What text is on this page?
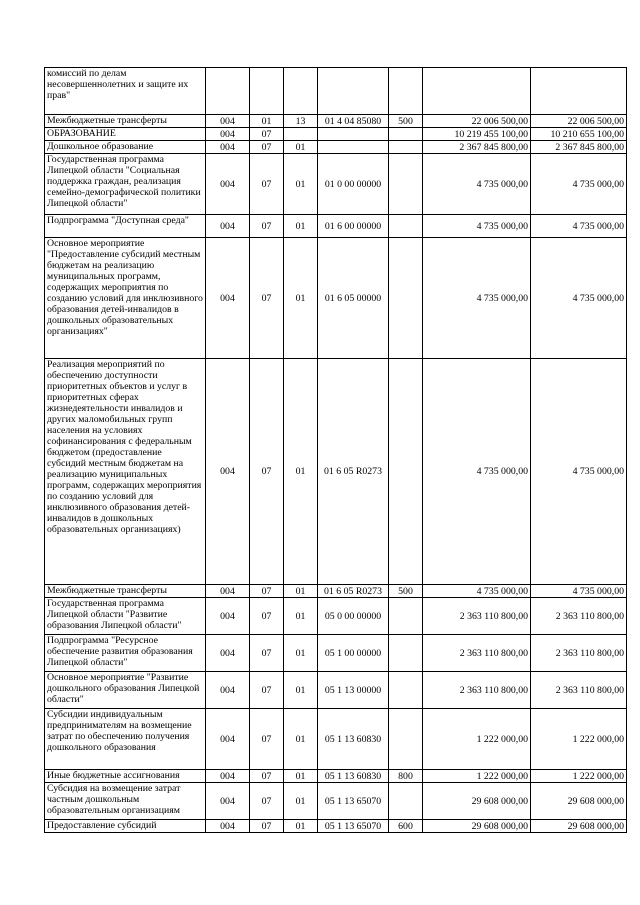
комиссий по делам несовершеннолетних и защите их прав"							
Межбюджетные трансферты	004	01	13	01 4 04 85080	500	22 006 500,00	22 006 500,00
ОБРАЗОВАНИЕ	004	07				10 219 455 100,00	10 210 655 100,00
Дошкольное образование	004	07	01			2 367 845 800,00	2 367 845 800,00
Государственная программа Липецкой области "Социальная поддержка граждан, реализация семейно-демографической политики Липецкой области"	004	07	01	01 0 00 00000		4 735 000,00	4 735 000,00
Подпрограмма "Доступная среда"	004	07	01	01 6 00 00000		4 735 000,00	4 735 000,00
Основное мероприятие "Предоставление субсидий местным бюджетам на реализацию муниципальных программ, содержащих мероприятия по созданию условий для инклюзивного образования детей-инвалидов в дошкольных образовательных организациях"	004	07	01	01 6 05 00000		4 735 000,00	4 735 000,00
Реализация мероприятий по обеспечению доступности приоритетных объектов и услуг в приоритетных сферах жизнедеятельности инвалидов и других маломобильных групп населения на условиях софинансирования с федеральным бюджетом (предоставление субсидий местным бюджетам на реализацию муниципальных программ, содержащих мероприятия по созданию условий для инклюзивного образования детей-инвалидов в дошкольных образовательных организациях)	004	07	01	01 6 05 R0273		4 735 000,00	4 735 000,00
Межбюджетные трансферты	004	07	01	01 6 05 R0273	500	4 735 000,00	4 735 000,00
Государственная программа Липецкой области "Развитие образования Липецкой области"	004	07	01	05 0 00 00000		2 363 110 800,00	2 363 110 800,00
Подпрограмма "Ресурсное обеспечение развития образования Липецкой области"	004	07	01	05 1 00 00000		2 363 110 800,00	2 363 110 800,00
Основное мероприятие "Развитие дошкольного образования Липецкой области"	004	07	01	05 1 13 00000		2 363 110 800,00	2 363 110 800,00
Субсидии индивидуальным предпринимателям на возмещение затрат по обеспечению получения дошкольного образования	004	07	01	05 1 13 60830		1 222 000,00	1 222 000,00
Иные бюджетные ассигнования	004	07	01	05 1 13 60830	800	1 222 000,00	1 222 000,00
Субсидия на возмещение затрат частным дошкольным образовательным организациям	004	07	01	05 1 13 65070		29 608 000,00	29 608 000,00
Предоставление субсидий	004	07	01	05 1 13 65070	600	29 608 000,00	29 608 000,00
